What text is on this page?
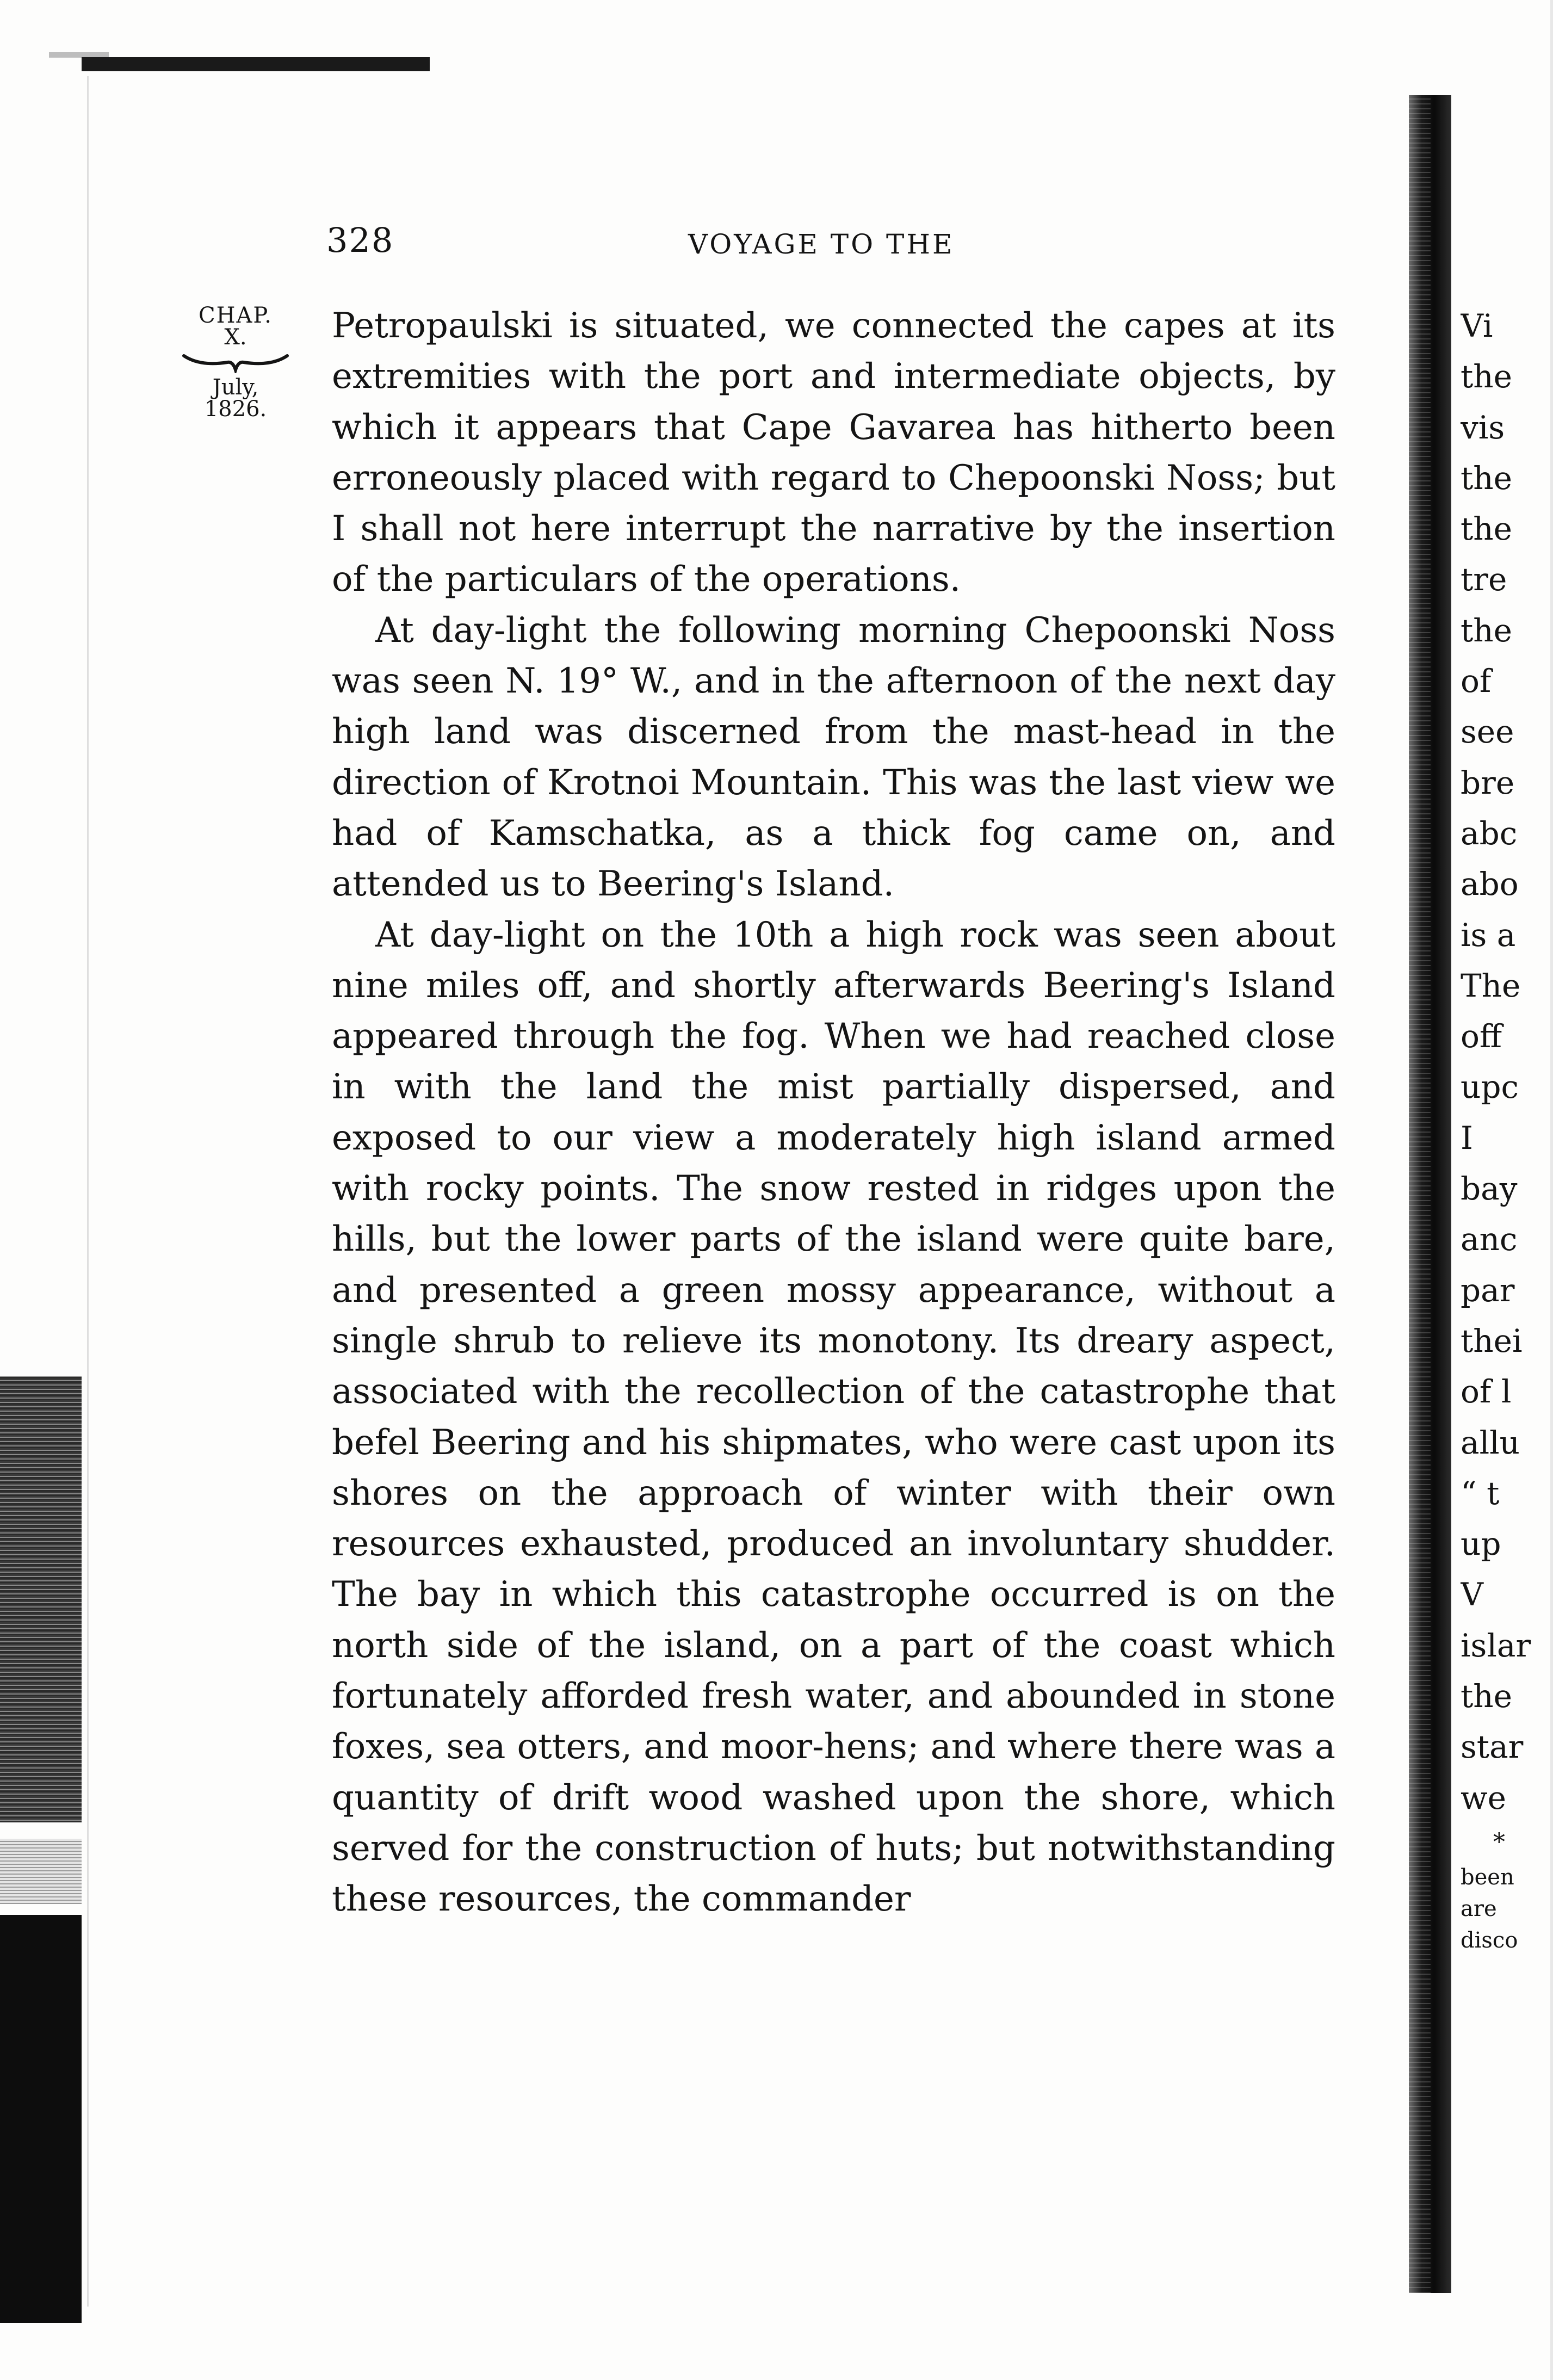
328	VOYAGE TO THE
CHAP.
X.
July,
1826.

Petropaulski is situated, we connected the capes at its extremities with the port and intermediate objects, by which it appears that Cape Gavarea has hitherto been erroneously placed with regard to Chepoonski Noss; but I shall not here interrupt the narrative by the insertion of the particulars of the operations.

At day-light the following morning Chepoonski Noss was seen N. 19° W., and in the afternoon of the next day high land was discerned from the mast-head in the direction of Krotnoi Mountain. This was the last view we had of Kamschatka, as a thick fog came on, and attended us to Beering's Island.

At day-light on the 10th a high rock was seen about nine miles off, and shortly afterwards Beering's Island appeared through the fog. When we had reached close in with the land the mist partially dispersed, and exposed to our view a moderately high island armed with rocky points. The snow rested in ridges upon the hills, but the lower parts of the island were quite bare, and presented a green mossy appearance, without a single shrub to relieve its monotony. Its dreary aspect, associated with the recollection of the catastrophe that befel Beering and his shipmates, who were cast upon its shores on the approach of winter with their own resources exhausted, produced an involuntary shudder. The bay in which this catastrophe occurred is on the north side of the island, on a part of the coast which fortunately afforded fresh water, and abounded in stone foxes, sea otters, and moor-hens; and where there was a quantity of drift wood washed upon the shore, which served for the construction of huts; but notwithstanding these resources, the commander

Vi
the
vis
the
the
tre
the
of
see
bre
abc
abo
is a
The
off
upc
I
bay
anc
par
thei
of l
allu
“ t
up
V
islar
the
star
we
*
been
are
disco
